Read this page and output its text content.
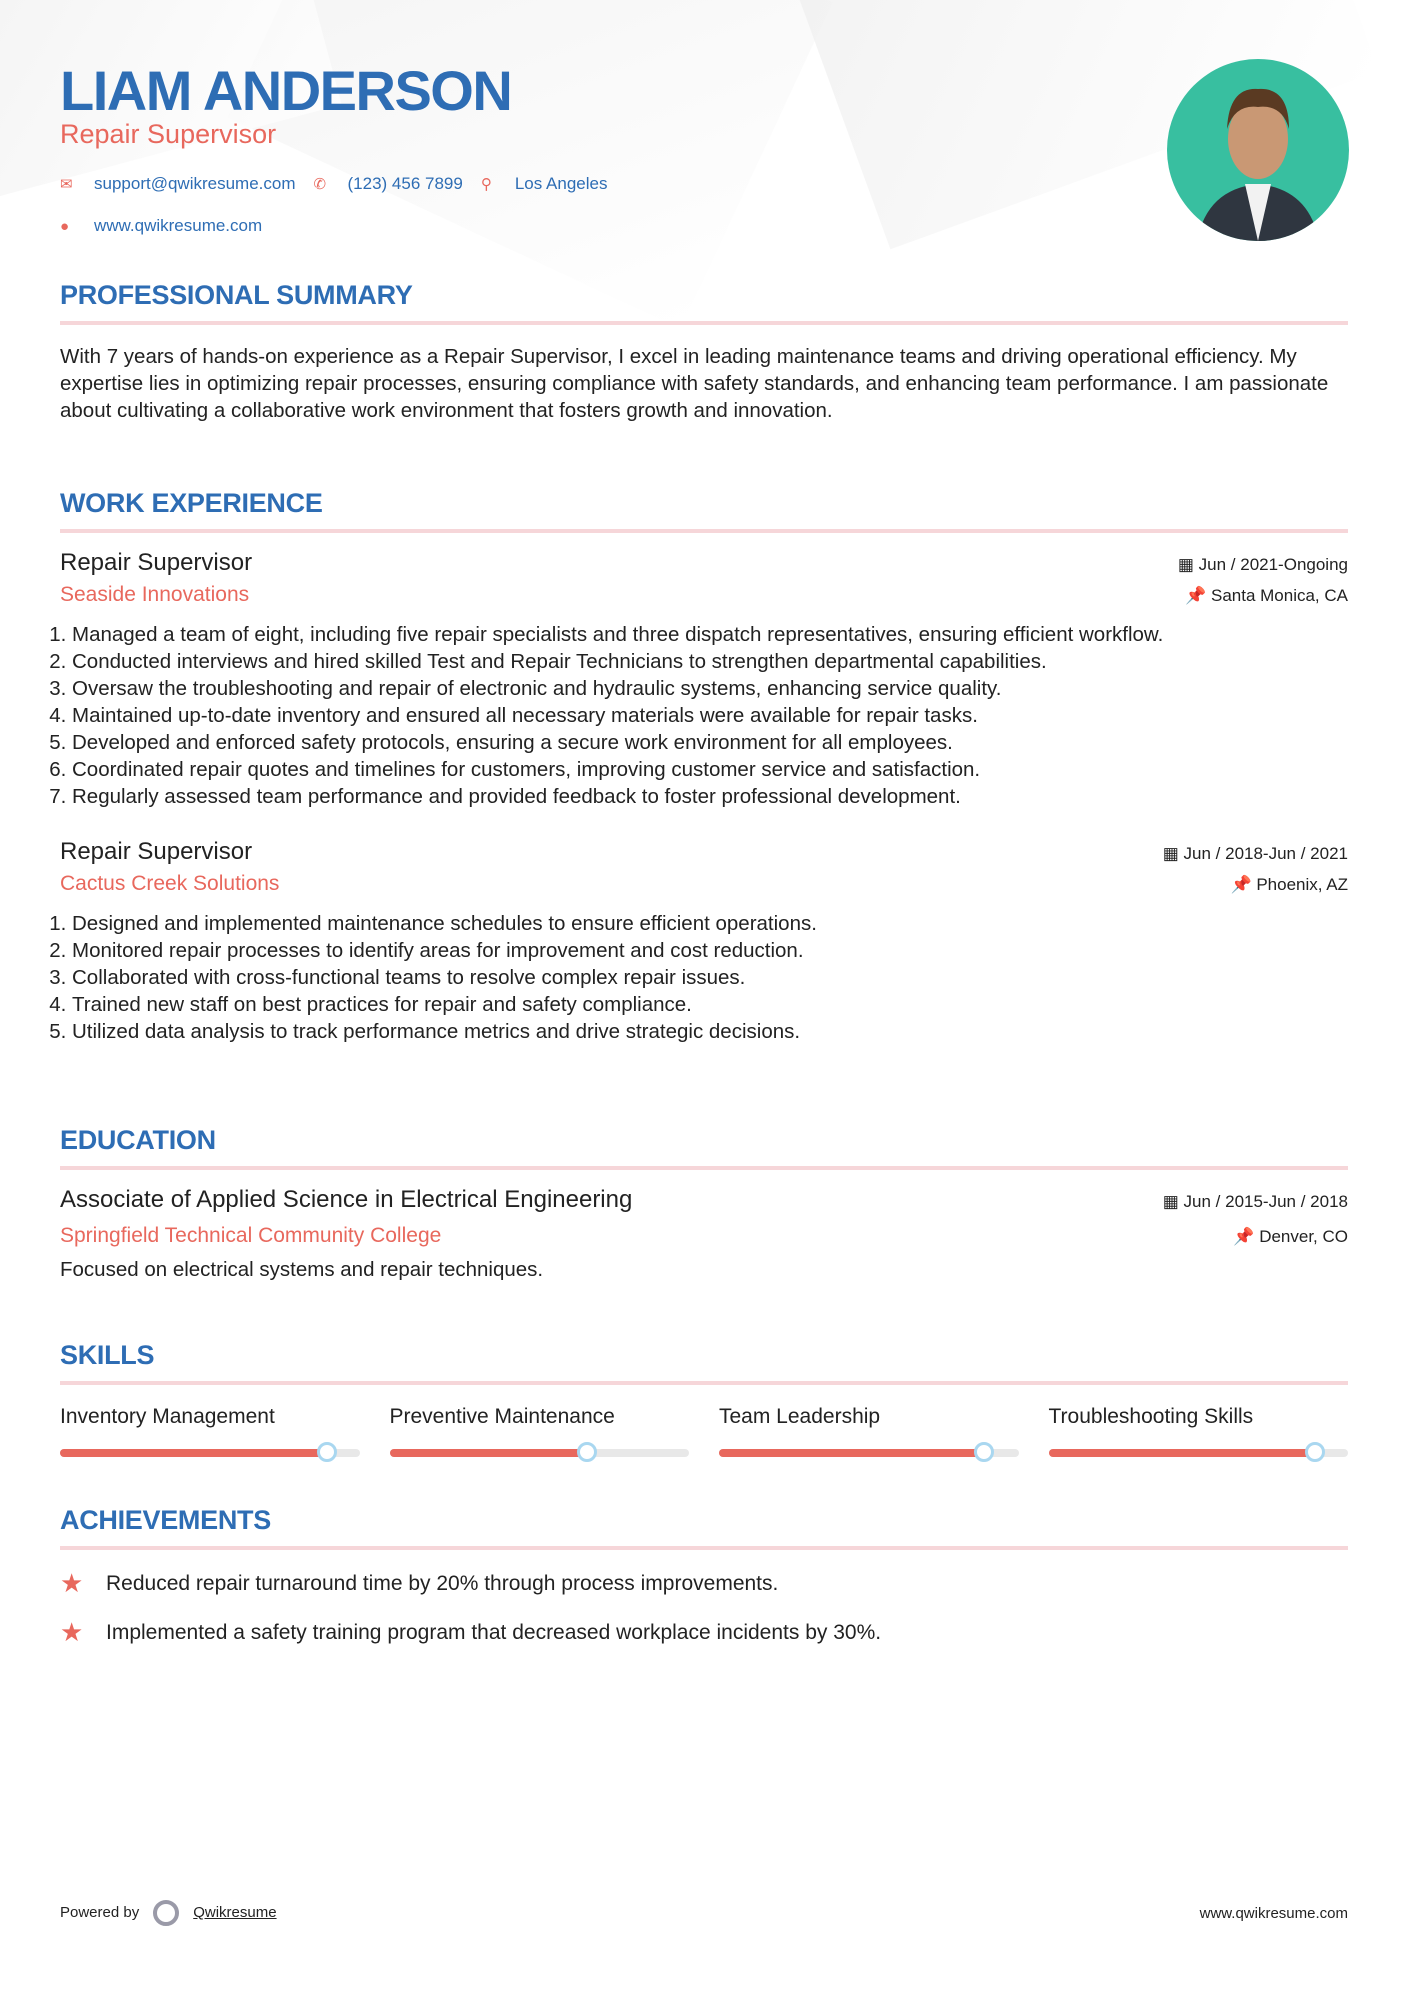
LIAM ANDERSON
Repair Supervisor
✉	support@qwikresume.com ✆	(123) 456 7899 ⚲	Los Angeles
●	www.qwikresume.com
PROFESSIONAL SUMMARY

With 7 years of hands-on experience as a Repair Supervisor, I excel in leading maintenance teams and driving operational efficiency. My expertise lies in optimizing repair processes, ensuring compliance with safety standards, and enhancing team performance. I am passionate about cultivating a collaborative work environment that fosters growth and innovation.

WORK EXPERIENCE
Repair Supervisor	▦ Jun / 2021-Ongoing
Seaside Innovations	📌 Santa Monica, CA
1. Managed a team of eight, including five repair specialists and three dispatch representatives, ensuring efficient workflow.
2. Conducted interviews and hired skilled Test and Repair Technicians to strengthen departmental capabilities.
3. Oversaw the troubleshooting and repair of electronic and hydraulic systems, enhancing service quality.
4. Maintained up-to-date inventory and ensured all necessary materials were available for repair tasks.
5. Developed and enforced safety protocols, ensuring a secure work environment for all employees.
6. Coordinated repair quotes and timelines for customers, improving customer service and satisfaction.
7. Regularly assessed team performance and provided feedback to foster professional development.
Repair Supervisor	▦ Jun / 2018-Jun / 2021
Cactus Creek Solutions	📌 Phoenix, AZ
1. Designed and implemented maintenance schedules to ensure efficient operations.
2. Monitored repair processes to identify areas for improvement and cost reduction.
3. Collaborated with cross-functional teams to resolve complex repair issues.
4. Trained new staff on best practices for repair and safety compliance.
5. Utilized data analysis to track performance metrics and drive strategic decisions.
EDUCATION
Associate of Applied Science in Electrical Engineering	▦ Jun / 2015-Jun / 2018
Springfield Technical Community College	📌 Denver, CO

Focused on electrical systems and repair techniques.

SKILLS
Inventory Management	Preventive Maintenance	Team Leadership	Troubleshooting Skills
ACHIEVEMENTS
★	Reduced repair turnaround time by 20% through process improvements.
★	Implemented a safety training program that decreased workplace incidents by 30%.
Powered by	Qwikresume	www.qwikresume.com
